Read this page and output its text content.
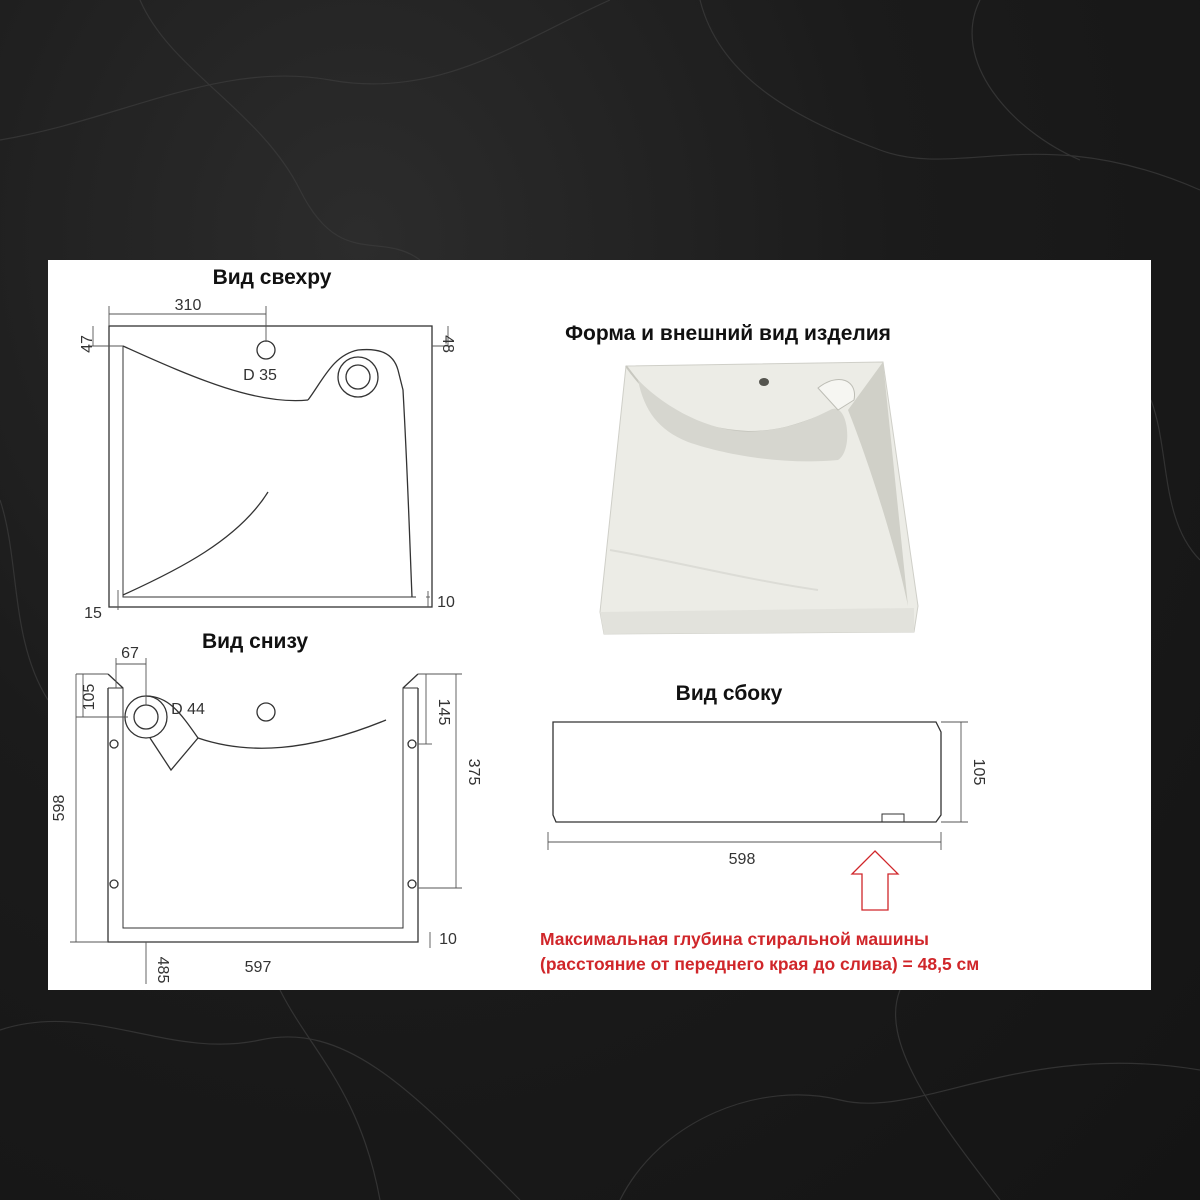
Вид свехру
310
47	48
D 35
15
10
Вид снизу
67
105	D 44	145
375
598
10
485	597
Форма и внешний вид изделия
Вид сбоку
105
598
Максимальная глубина стиральной машины
(расстояние от переднего края до слива) = 48,5 см
